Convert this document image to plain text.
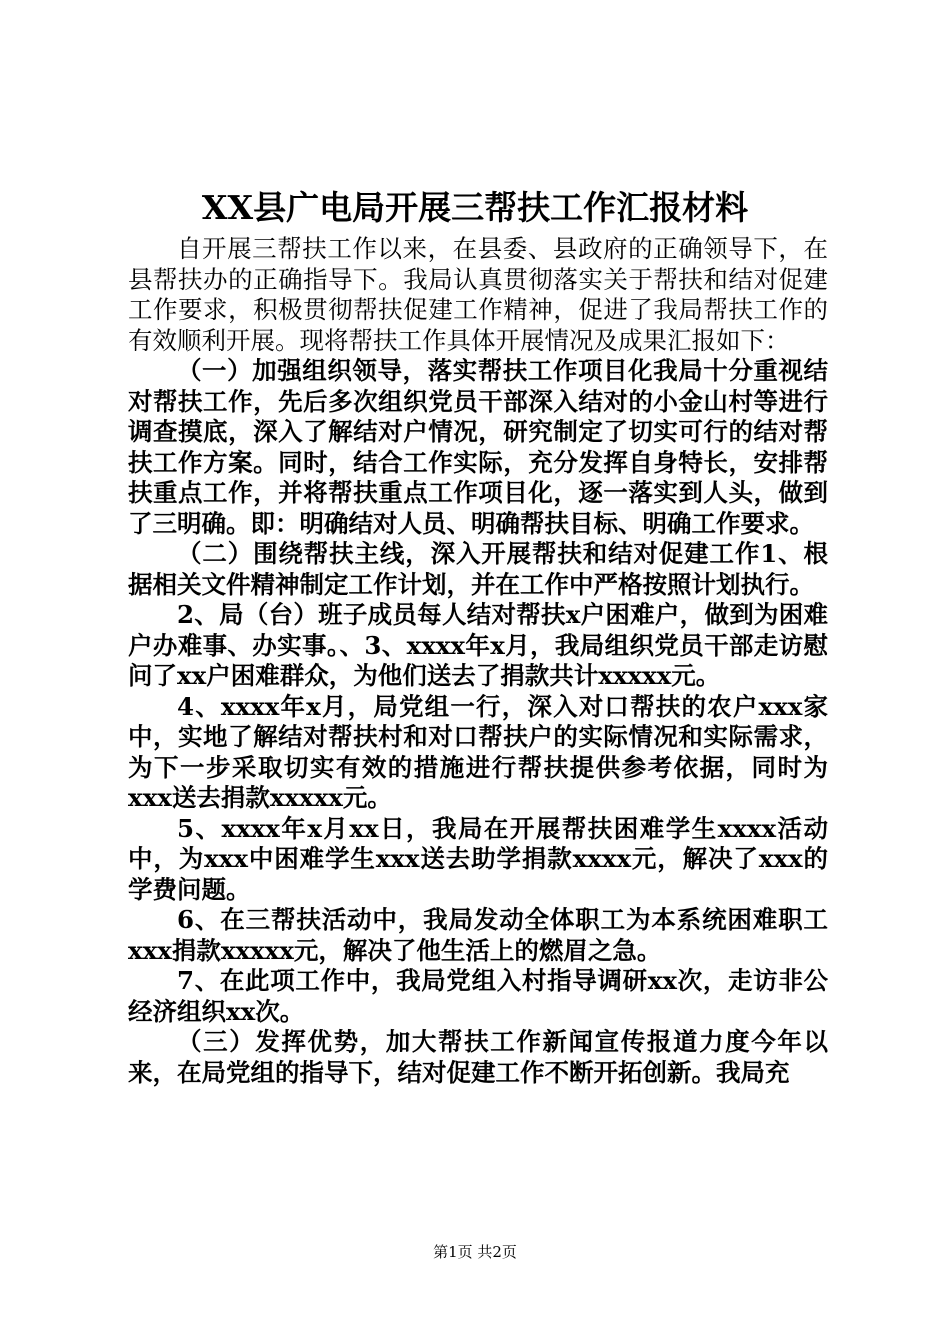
XX县广电局开展三帮扶工作汇报材料

自开展三帮扶工作以来，在县委、县政府的正确领导下，在县帮扶办的正确指导下。我局认真贯彻落实关于帮扶和结对促建工作要求，积极贯彻帮扶促建工作精神，促进了我局帮扶工作的有效顺利开展。现将帮扶工作具体开展情况及成果汇报如下：

（一）加强组织领导，落实帮扶工作项目化我局十分重视结对帮扶工作，先后多次组织党员干部深入结对的小金山村等进行调查摸底，深入了解结对户情况，研究制定了切实可行的结对帮扶工作方案。同时，结合工作实际，充分发挥自身特长，安排帮扶重点工作，并将帮扶重点工作项目化，逐一落实到人头，做到了三明确。即：明确结对人员、明确帮扶目标、明确工作要求。

（二）围绕帮扶主线，深入开展帮扶和结对促建工作1、根据相关文件精神制定工作计划，并在工作中严格按照计划执行。

2、局（台）班子成员每人结对帮扶x户困难户，做到为困难户办难事、办实事。、3、xxxx年x月，我局组织党员干部走访慰问了xx户困难群众，为他们送去了捐款共计xxxxx元。

4、xxxx年x月，局党组一行，深入对口帮扶的农户xxx家中，实地了解结对帮扶村和对口帮扶户的实际情况和实际需求，为下一步采取切实有效的措施进行帮扶提供参考依据，同时为xxx送去捐款xxxxx元。

5、xxxx年x月xx日，我局在开展帮扶困难学生xxxx活动中，为xxx中困难学生xxx送去助学捐款xxxx元，解决了xxx的学费问题。

6、在三帮扶活动中，我局发动全体职工为本系统困难职工xxx捐款xxxxx元，解决了他生活上的燃眉之急。

7、在此项工作中，我局党组入村指导调研xx次，走访非公经济组织xx次。

（三）发挥优势，加大帮扶工作新闻宣传报道力度今年以来，在局党组的指导下，结对促建工作不断开拓创新。我局充

第1页 共2页
